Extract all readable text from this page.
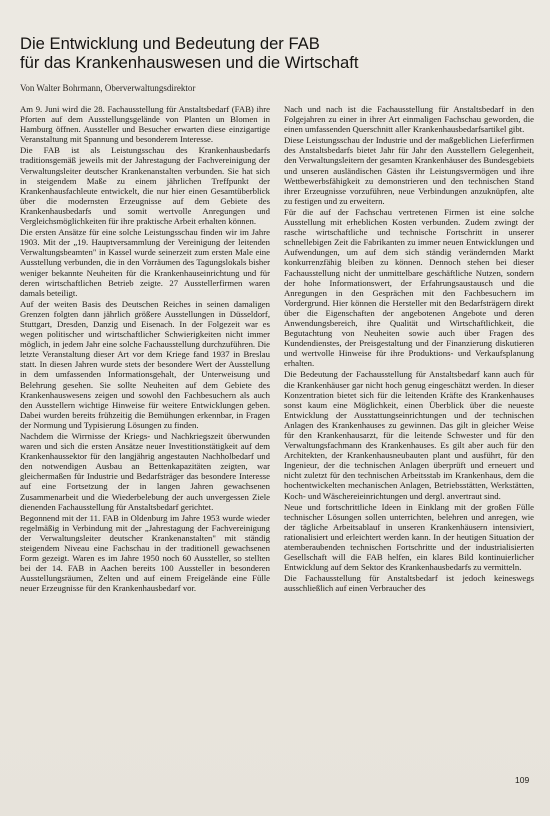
Die Entwicklung und Bedeutung der FAB
für das Krankenhauswesen und die Wirtschaft
Von Walter Bohrmann, Oberverwaltungsdirektor

Am 9. Juni wird die 28. Fachausstellung für Anstaltsbedarf (FAB) ihre Pforten auf dem Ausstellungsgelände von Planten un Blomen in Hamburg öffnen. Aussteller und Besucher erwarten diese einzigartige Veranstaltung mit Spannung und besonderem Interesse.

Die FAB ist als Leistungsschau des Krankenhausbedarfs traditionsgemäß jeweils mit der Jahrestagung der Fachvereinigung der Verwaltungsleiter deutscher Krankenanstalten verbunden. Sie hat sich in steigendem Maße zu einem jährlichen Treffpunkt der Krankenhausfachleute entwickelt, die nur hier einen Gesamtüberblick über die modernsten Erzeugnisse auf dem Gebiete des Krankenhausbedarfs und somit wertvolle Anregungen und Vergleichsmöglichkeiten für ihre praktische Arbeit erhalten können.

Die ersten Ansätze für eine solche Leistungsschau finden wir im Jahre 1903. Mit der „19. Hauptversammlung der Vereinigung der leitenden Verwaltungsbeamten" in Kassel wurde seinerzeit zum ersten Male eine Ausstellung verbunden, die in den Vorräumen des Tagungslokals bisher weniger bekannte Neuheiten für die Krankenhauseinrichtung und für deren wirtschaftlichen Betrieb zeigte. 27 Ausstellerfirmen waren damals beteiligt.

Auf der weiten Basis des Deutschen Reiches in seinen damaligen Grenzen folgten dann jährlich größere Ausstellungen in Düsseldorf, Stuttgart, Dresden, Danzig und Eisenach. In der Folgezeit war es wegen politischer und wirtschaftlicher Schwierigkeiten nicht immer möglich, in jedem Jahr eine solche Fachausstellung durchzuführen. Die letzte Veranstaltung dieser Art vor dem Kriege fand 1937 in Breslau statt. In diesen Jahren wurde stets der besondere Wert der Ausstellung in dem umfassenden Informationsgehalt, der Unterweisung und Belehrung gesehen. Sie sollte Neuheiten auf dem Gebiete des Krankenhauswesens zeigen und sowohl den Fachbesuchern als auch den Ausstellern wichtige Hinweise für weitere Entwicklungen geben. Dabei wurden bereits frühzeitig die Bemühungen erkennbar, in Fragen der Normung und Typisierung Lösungen zu finden.

Nachdem die Wirrnisse der Kriegs- und Nachkriegszeit überwunden waren und sich die ersten Ansätze neuer Investitionstätigkeit auf dem Krankenhaussektor für den langjährig angestauten Nachholbedarf und den notwendigen Ausbau an Bettenkapazitäten zeigten, war gleichermaßen für Industrie und Bedarfsträger das besondere Interesse auf eine Fortsetzung der in langen Jahren gewachsenen Zusammenarbeit und die Wiederbelebung der auch unvergessen Ziele dienenden Fachausstellung für Anstaltsbedarf gerichtet.

Begonnend mit der 11. FAB in Oldenburg im Jahre 1953 wurde wieder regelmäßig in Verbindung mit der „Jahrestagung der Fachvereinigung der Verwaltungsleiter deutscher Krankenanstalten" mit ständig steigendem Niveau eine Fachschau in der traditionell gewachsenen Form gezeigt. Waren es im Jahre 1950 noch 60 Aussteller, so stellten bei der 14. FAB in Aachen bereits 100 Aussteller in besonderen Ausstellungsräumen, Zelten und auf einem Freigelände eine Fülle neuer Erzeugnisse für den Krankenhausbedarf vor.

Nach und nach ist die Fachausstellung für Anstaltsbedarf in den Folgejahren zu einer in ihrer Art einmaligen Fachschau geworden, die einen umfassenden Querschnitt aller Krankenhausbedarfsartikel gibt.

Diese Leistungsschau der Industrie und der maßgeblichen Lieferfirmen des Anstaltsbedarfs bietet Jahr für Jahr den Ausstellern Gelegenheit, den Verwaltungsleitern der gesamten Krankenhäuser des Bundesgebiets und unseren ausländischen Gästen ihr Leistungsvermögen und ihre Wettbewerbsfähigkeit zu demonstrieren und den technischen Stand ihrer Erzeugnisse vorzuführen, neue Verbindungen anzuknüpfen, alte zu festigen und zu erweitern.

Für die auf der Fachschau vertretenen Firmen ist eine solche Ausstellung mit erheblichen Kosten verbunden. Zudem zwingt der rasche wirtschaftliche und technische Fortschritt in unserer schnellebigen Zeit die Fabrikanten zu immer neuen Entwicklungen und Aufwendungen, um auf dem sich ständig verändernden Markt konkurrenzfähig bleiben zu können. Dennoch stehen bei dieser Fachausstellung nicht der unmittelbare geschäftliche Nutzen, sondern der hohe Informationswert, der Erfahrungsaustausch und die Anregungen in den Gesprächen mit den Fachbesuchern im Vordergrund. Hier können die Hersteller mit den Bedarfsträgern direkt über die Eigenschaften der angebotenen Angebote und deren Anwendungsbereich, ihre Qualität und Wirtschaftlichkeit, die Begutachtung von Neuheiten sowie auch über Fragen des Kundendienstes, der Preisgestaltung und der Finanzierung diskutieren und wertvolle Hinweise für ihre Produktions- und Verkaufsplanung erhalten.

Die Bedeutung der Fachausstellung für Anstaltsbedarf kann auch für die Krankenhäuser gar nicht hoch genug eingeschätzt werden. In dieser Konzentration bietet sich für die leitenden Kräfte des Krankenhauses sonst kaum eine Möglichkeit, einen Überblick über die neueste Entwicklung der Ausstattungseinrichtungen und der technischen Anlagen des Krankenhauses zu gewinnen. Das gilt in gleicher Weise für den Krankenhausarzt, für die leitende Schwester und für den Verwaltungsfachmann des Krankenhauses. Es gilt aber auch für den Architekten, der Krankenhausneubauten plant und ausführt, für den Ingenieur, der die technischen Anlagen überprüft und erneuert und nicht zuletzt für den technischen Arbeitsstab im Krankenhaus, dem die hochentwickelten mechanischen Anlagen, Betriebsstätten, Werkstätten, Koch- und Wäschereieinrichtungen und dergl. anvertraut sind.

Neue und fortschrittliche Ideen in Einklang mit der großen Fülle technischer Lösungen sollen unterrichten, belehren und anregen, wie der tägliche Arbeitsablauf in unseren Krankenhäusern intensiviert, rationalisiert und erleichtert werden kann. In der heutigen Situation der atemberaubenden technischen Fortschritte und der industrialisierten Gesellschaft will die FAB helfen, ein klares Bild kontinuierlicher Entwicklung auf dem Sektor des Krankenhausbedarfs zu vermitteln.

Die Fachausstellung für Anstaltsbedarf ist jedoch keineswegs ausschließlich auf einen Verbraucher des

109
